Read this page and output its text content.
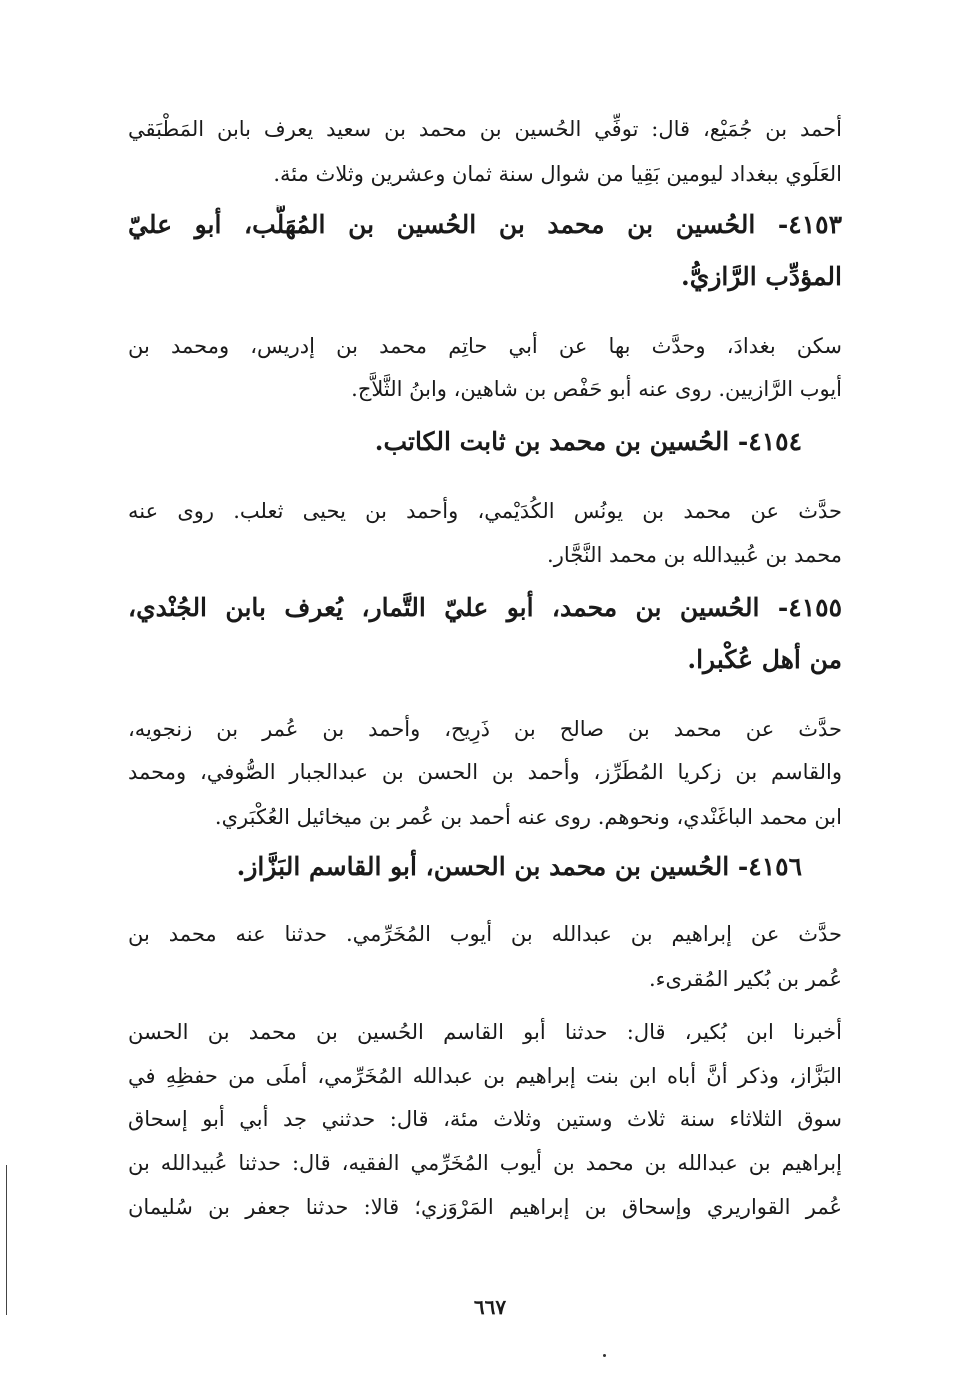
أحمد بن جُمَيْع، قال: توفِّي الحُسين بن محمد بن سعيد يعرف بابن المَطْبَقي
العَلَوي ببغداد ليومين بَقِيا من شوال سنة ثمان وعشرين وثلاث مئة.
٤١٥٣- الحُسين بن محمد بن الحُسين بن المُهَلَّب، أبو عليّ
المؤدِّب الرَّازيُّ.
سكن بغدادَ، وحدَّث بها عن أبي حاتِم محمد بن إدريس، ومحمد بن
أيوب الرَّازيين. روى عنه أبو حَفْص بن شاهين، وابنُ الثَّلاَّج.
٤١٥٤- الحُسين بن محمد بن ثابت الكاتب.
حدَّث عن محمد بن يونُس الكُدَيْمي، وأحمد بن يحيى ثعلب. روى عنه
محمد بن عُبيدالله بن محمد النَّجَّار.
٤١٥٥- الحُسين بن محمد، أبو عليّ التَّمار، يُعرف بابن الجُنْدي،
من أهل عُكْبرا.
حدَّث عن محمد بن صالح بن ذَرِيح، وأحمد بن عُمر بن زنجويه،
والقاسم بن زكريا المُطَرِّز، وأحمد بن الحسن بن عبدالجبار الصُّوفي، ومحمد
ابن محمد الباغَنْدي، ونحوهم. روى عنه أحمد بن عُمر بن ميخائيل العُكْبَري.
٤١٥٦- الحُسين بن محمد بن الحسن، أبو القاسم البَزَّاز.
حدَّث عن إبراهيم بن عبدالله بن أيوب المُخَرِّمي. حدثنا عنه محمد بن
عُمر بن بُكير المُقرىء.
أخبرنا ابن بُكير، قال: حدثنا أبو القاسم الحُسين بن محمد بن الحسن
البَزَّاز، وذكر أنَّ أباه ابن بنت إبراهيم بن عبدالله المُخَرِّمي، أملَى من حفظِهِ في
سوق الثلاثاء سنة ثلاث وستين وثلاث مئة، قال: حدثني جد أبي أبو إسحاق
إبراهيم بن عبدالله بن محمد بن أيوب المُخَرِّمي الفقيه، قال: حدثنا عُبيدالله بن
عُمر القواريري وإسحاق بن إبراهيم المَرْوَزي؛ قالا: حدثنا جعفر بن سُليمان
٦٦٧
